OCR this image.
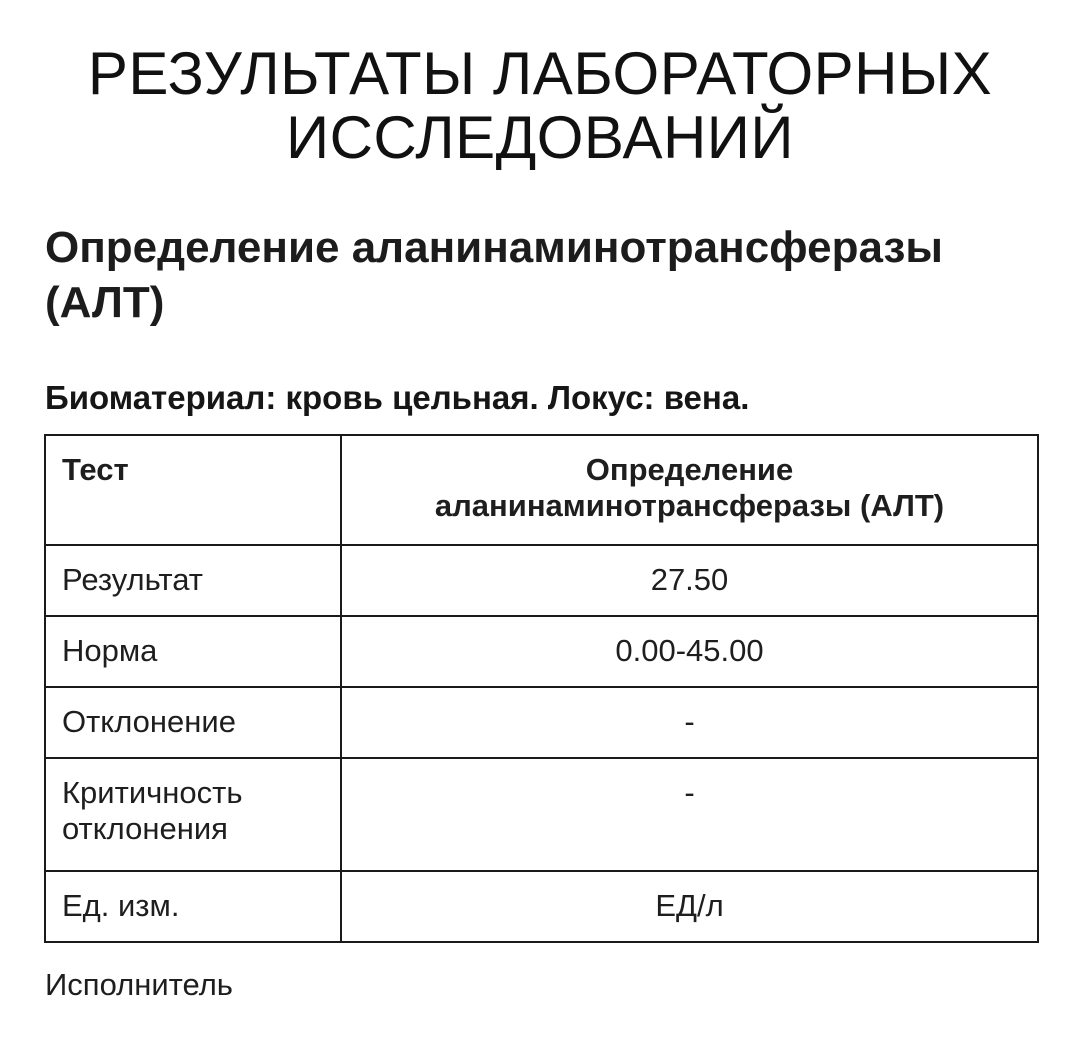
РЕЗУЛЬТАТЫ ЛАБОРАТОРНЫХ ИССЛЕДОВАНИЙ
Определение аланинаминотрансферазы (АЛТ)

Биоматериал: кровь цельная. Локус: вена.

Тест	Определение аланинаминотрансферазы (АЛТ)
Результат	27.50
Норма	0.00-45.00
Отклонение	-
Критичность отклонения	-
Ед. изм.	ЕД/л

Исполнитель
